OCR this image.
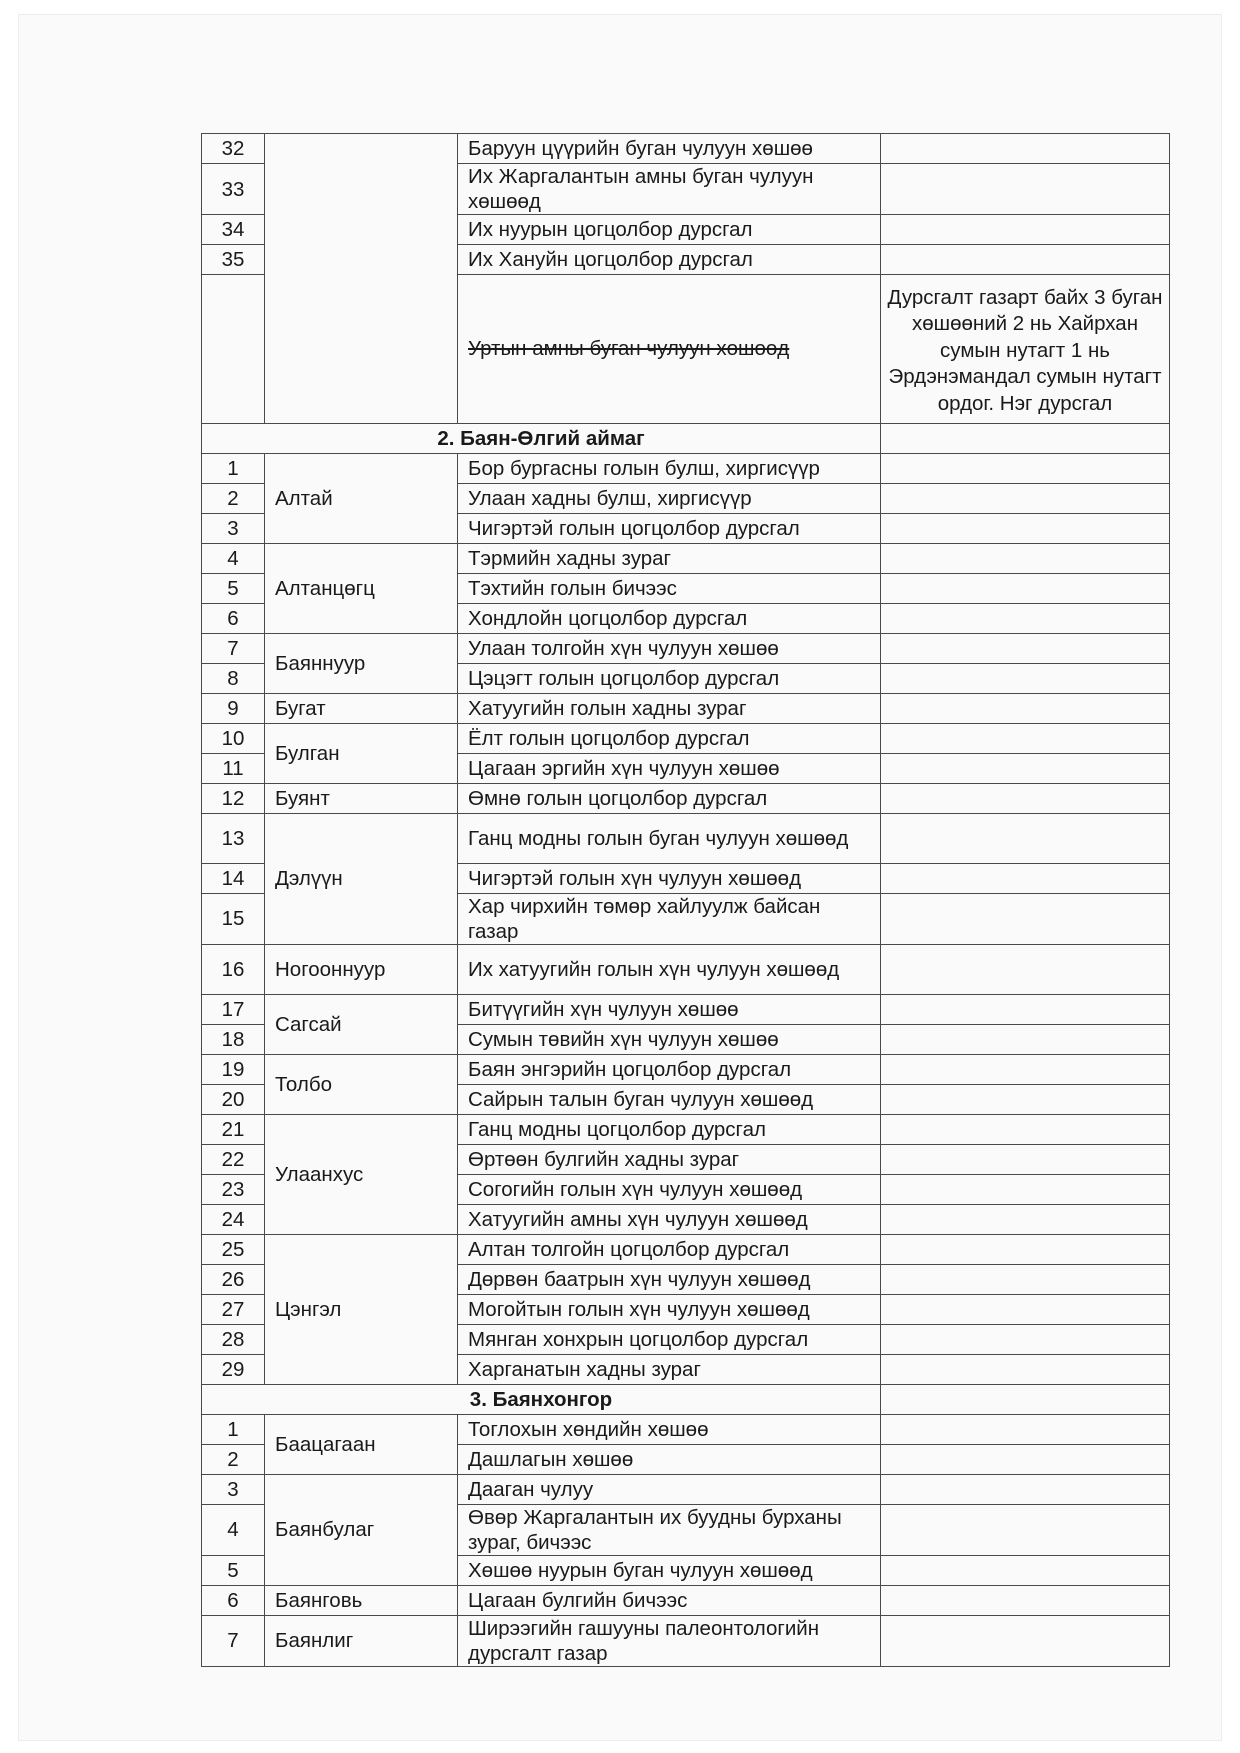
32		Баруун цүүрийн буган чулуун хөшөө	
33		Их Жаргалантын амны буган чулуун хөшөөд	
34		Их нуурын цогцолбор дурсгал	
35		Их Хануйн цогцолбор дурсгал	
		Уртын амны буган чулуун хөшөөд	Дурсгалт газарт байх 3 буган хөшөөний 2 нь Хайрхан сумын нутагт 1 нь Эрдэнэмандал сумын нутагт ордог. Нэг дурсгал
2. Баян-Өлгий аймаг			
1	Алтай	Бор бургасны голын булш, хиргисүүр	
2		Улаан хадны булш, хиргисүүр	
3		Чигэртэй голын цогцолбор дурсгал	
4	Алтанцөгц	Тэрмийн хадны зураг	
5		Тэхтийн голын бичээс	
6		Хондлойн цогцолбор дурсгал	
7	Баяннуур	Улаан толгойн хүн чулуун хөшөө	
8		Цэцэгт голын цогцолбор дурсгал	
9	Бугат	Хатуугийн голын хадны зураг	
10	Булган	Ёлт голын цогцолбор дурсгал	
11		Цагаан эргийн хүн чулуун хөшөө	
12	Буянт	Өмнө голын цогцолбор дурсгал	
13	Дэлүүн	Ганц модны голын буган чулуун хөшөөд	
14		Чигэртэй голын хүн чулуун хөшөөд	
15		Хар чирхийн төмөр хайлуулж байсан газар	
16	Ногооннуур	Их хатуугийн голын хүн чулуун хөшөөд	
17	Сагсай	Битүүгийн хүн чулуун хөшөө	
18		Сумын төвийн хүн чулуун хөшөө	
19	Толбо	Баян энгэрийн цогцолбор дурсгал	
20		Сайрын талын буган чулуун хөшөөд	
21	Улаанхус	Ганц модны цогцолбор дурсгал	
22		Өртөөн булгийн хадны зураг	
23		Согогийн голын хүн чулуун хөшөөд	
24		Хатуугийн амны хүн чулуун хөшөөд	
25	Цэнгэл	Алтан толгойн цогцолбор дурсгал	
26		Дөрвөн баатрын хүн чулуун хөшөөд	
27		Могойтын голын хүн чулуун хөшөөд	
28		Мянган хонхрын цогцолбор дурсгал	
29		Харганатын хадны зураг	
3. Баянхонгор			
1	Баацагаан	Тоглохын хөндийн хөшөө	
2		Дашлагын хөшөө	
3	Баянбулаг	Дааган чулуу	
4		Өвөр Жаргалантын их буудны бурханы зураг, бичээс	
5		Хөшөө нуурын буган чулуун хөшөөд	
6	Баянговь	Цагаан булгийн бичээс	
7	Баянлиг	Ширээгийн гашууны палеонтологийн дурсгалт газар	
